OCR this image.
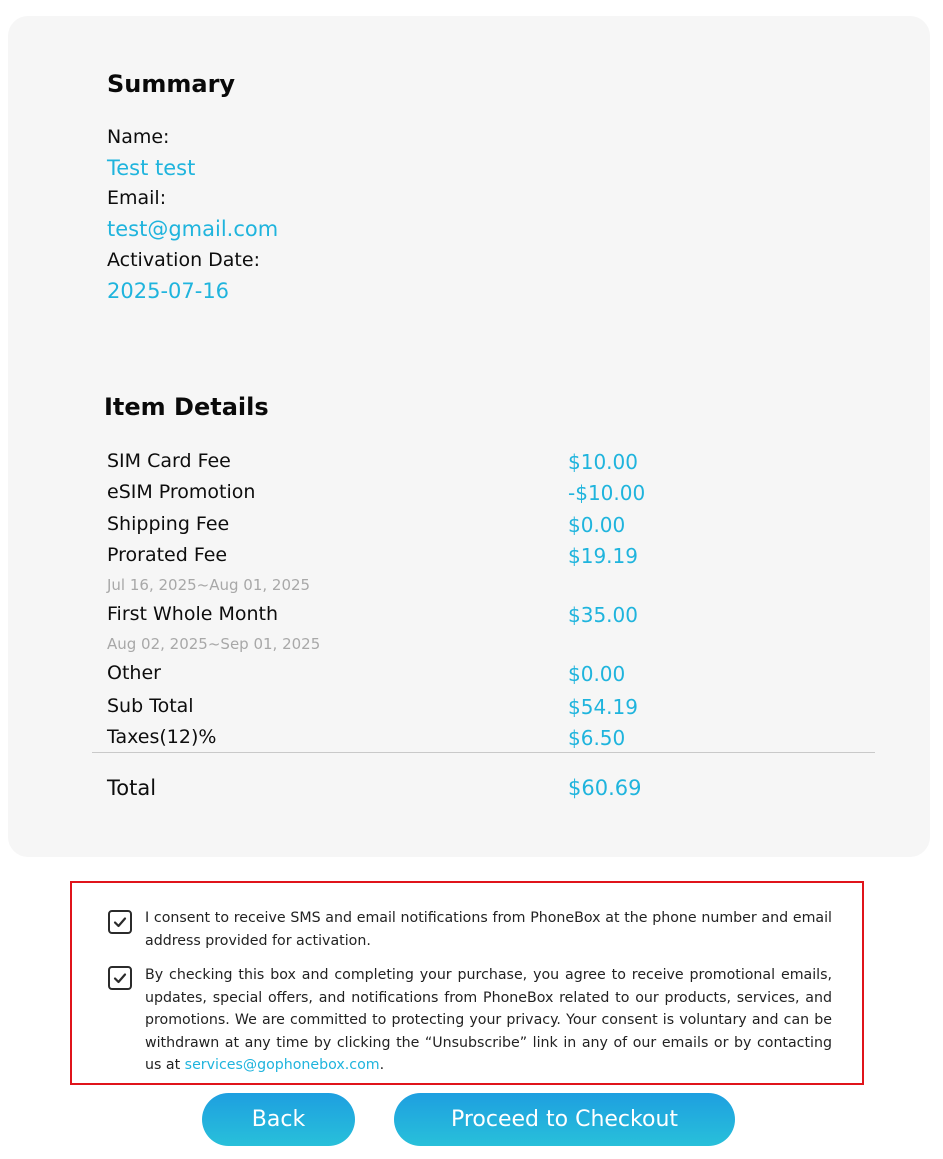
Summary
Name:
Test test
Email:
test@gmail.com
Activation Date:
2025-07-16
Item Details
SIM Card Fee	$10.00
eSIM Promotion	-$10.00
Shipping Fee	$0.00
Prorated Fee	$19.19
Jul 16, 2025~Aug 01, 2025
First Whole Month	$35.00
Aug 02, 2025~Sep 01, 2025
Other	$0.00
Sub Total	$54.19
Taxes(12)%	$6.50
Total	$60.69
I consent to receive SMS and email notifications from PhoneBox at the phone number and email address provided for activation.
By checking this box and completing your purchase, you agree to receive promotional emails, updates, special offers, and notifications from PhoneBox related to our products, services, and promotions. We are committed to protecting your privacy. Your consent is voluntary and can be withdrawn at any time by clicking the “Unsubscribe” link in any of our emails or by contacting us at services@gophonebox.com.
Back	Proceed to Checkout
